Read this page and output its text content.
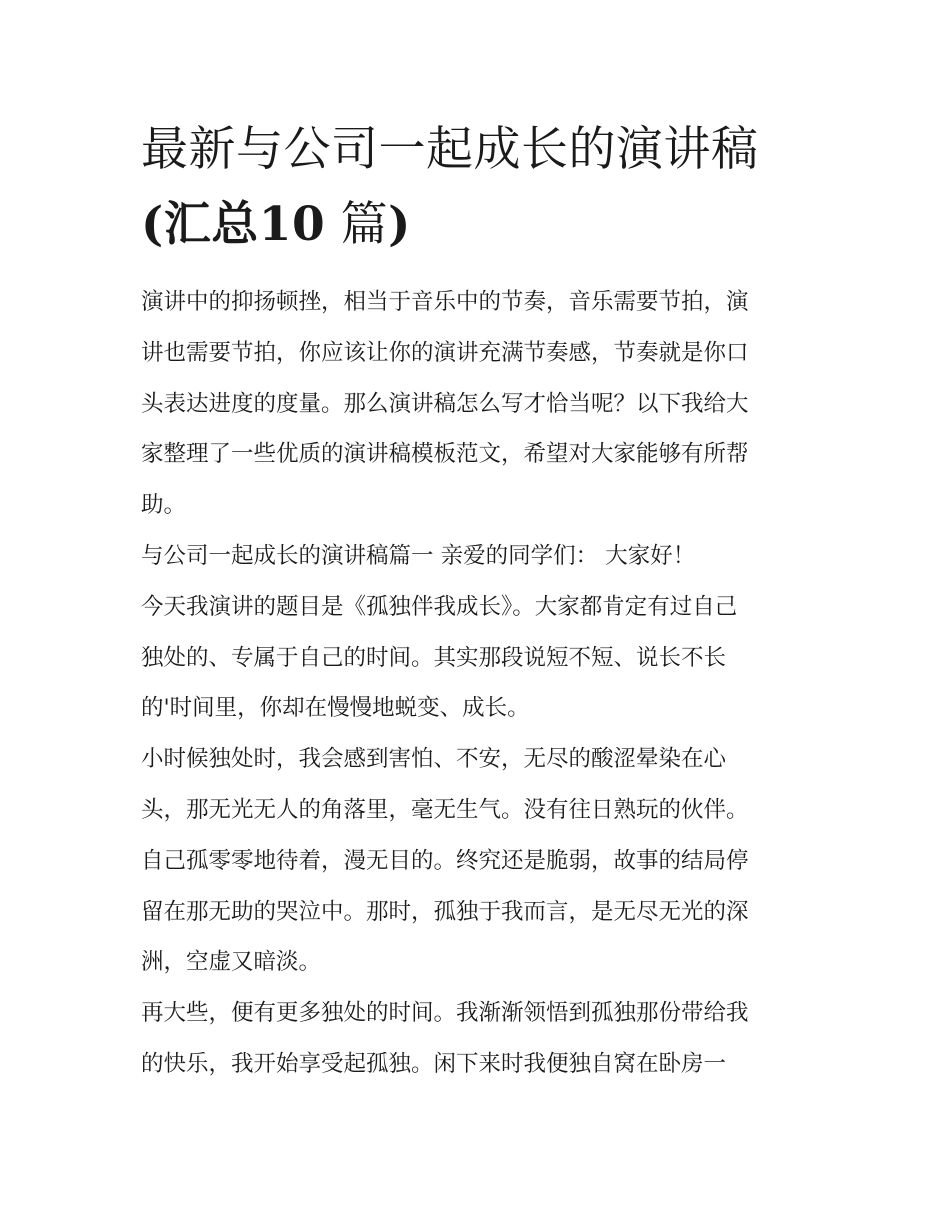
最新与公司一起成长的演讲稿
(汇总10 篇)

演讲中的抑扬顿挫，相当于音乐中的节奏，音乐需要节拍，演
讲也需要节拍，你应该让你的演讲充满节奏感，节奏就是你口
头表达进度的度量。那么演讲稿怎么写才恰当呢？以下我给大
家整理了一些优质的演讲稿模板范文，希望对大家能够有所帮
助。

与公司一起成长的演讲稿篇一 亲爱的同学们： 大家好！

今天我演讲的题目是《孤独伴我成长》。大家都肯定有过自己
独处的、专属于自己的时间。其实那段说短不短、说长不长
的'时间里，你却在慢慢地蜕变、成长。

小时候独处时，我会感到害怕、不安，无尽的酸涩晕染在心
头，那无光无人的角落里，毫无生气。没有往日熟玩的伙伴。
自己孤零零地待着，漫无目的。终究还是脆弱，故事的结局停
留在那无助的哭泣中。那时，孤独于我而言，是无尽无光的深
洲，空虚又暗淡。

再大些，便有更多独处的时间。我渐渐领悟到孤独那份带给我
的快乐，我开始享受起孤独。闲下来时我便独自窝在卧房一
